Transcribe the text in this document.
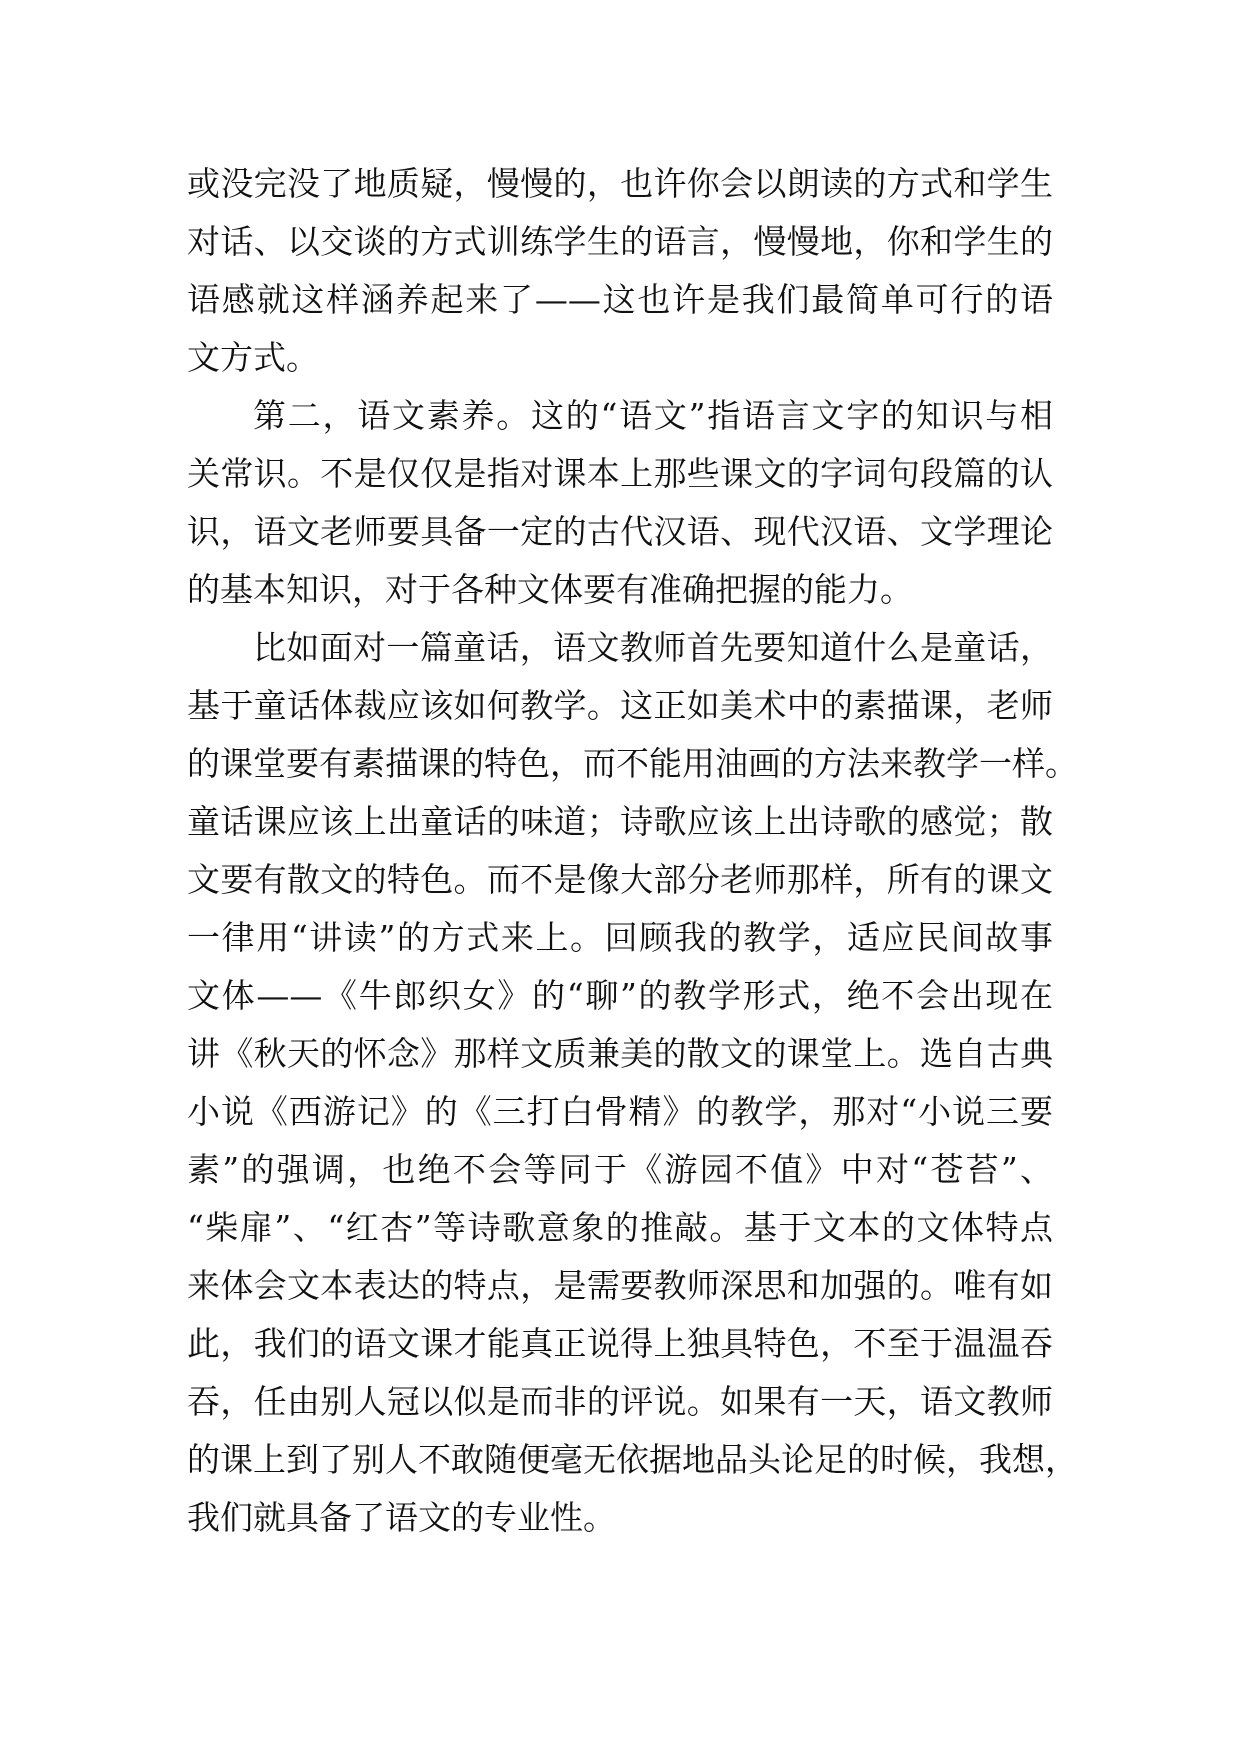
或没完没了地质疑，慢慢的，也许你会以朗读的方式和学生
对话、以交谈的方式训练学生的语言，慢慢地，你和学生的
语感就这样涵养起来了——这也许是我们最简单可行的语
文方式。
第二，语文素养。这的“语文”指语言文字的知识与相
关常识。不是仅仅是指对课本上那些课文的字词句段篇的认
识，语文老师要具备一定的古代汉语、现代汉语、文学理论
的基本知识，对于各种文体要有准确把握的能力。
比如面对一篇童话，语文教师首先要知道什么是童话，
基于童话体裁应该如何教学。这正如美术中的素描课，老师
的课堂要有素描课的特色，而不能用油画的方法来教学一样。
童话课应该上出童话的味道；诗歌应该上出诗歌的感觉；散
文要有散文的特色。而不是像大部分老师那样，所有的课文
一律用“讲读”的方式来上。回顾我的教学，适应民间故事
文体——《牛郎织女》的“聊”的教学形式，绝不会出现在
讲《秋天的怀念》那样文质兼美的散文的课堂上。选自古典
小说《西游记》的《三打白骨精》的教学，那对“小说三要
素”的强调，也绝不会等同于《游园不值》中对“苍苔”、
“柴扉”、“红杏”等诗歌意象的推敲。基于文本的文体特点
来体会文本表达的特点，是需要教师深思和加强的。唯有如
此，我们的语文课才能真正说得上独具特色，不至于温温吞
吞，任由别人冠以似是而非的评说。如果有一天，语文教师
的课上到了别人不敢随便毫无依据地品头论足的时候，我想，
我们就具备了语文的专业性。
